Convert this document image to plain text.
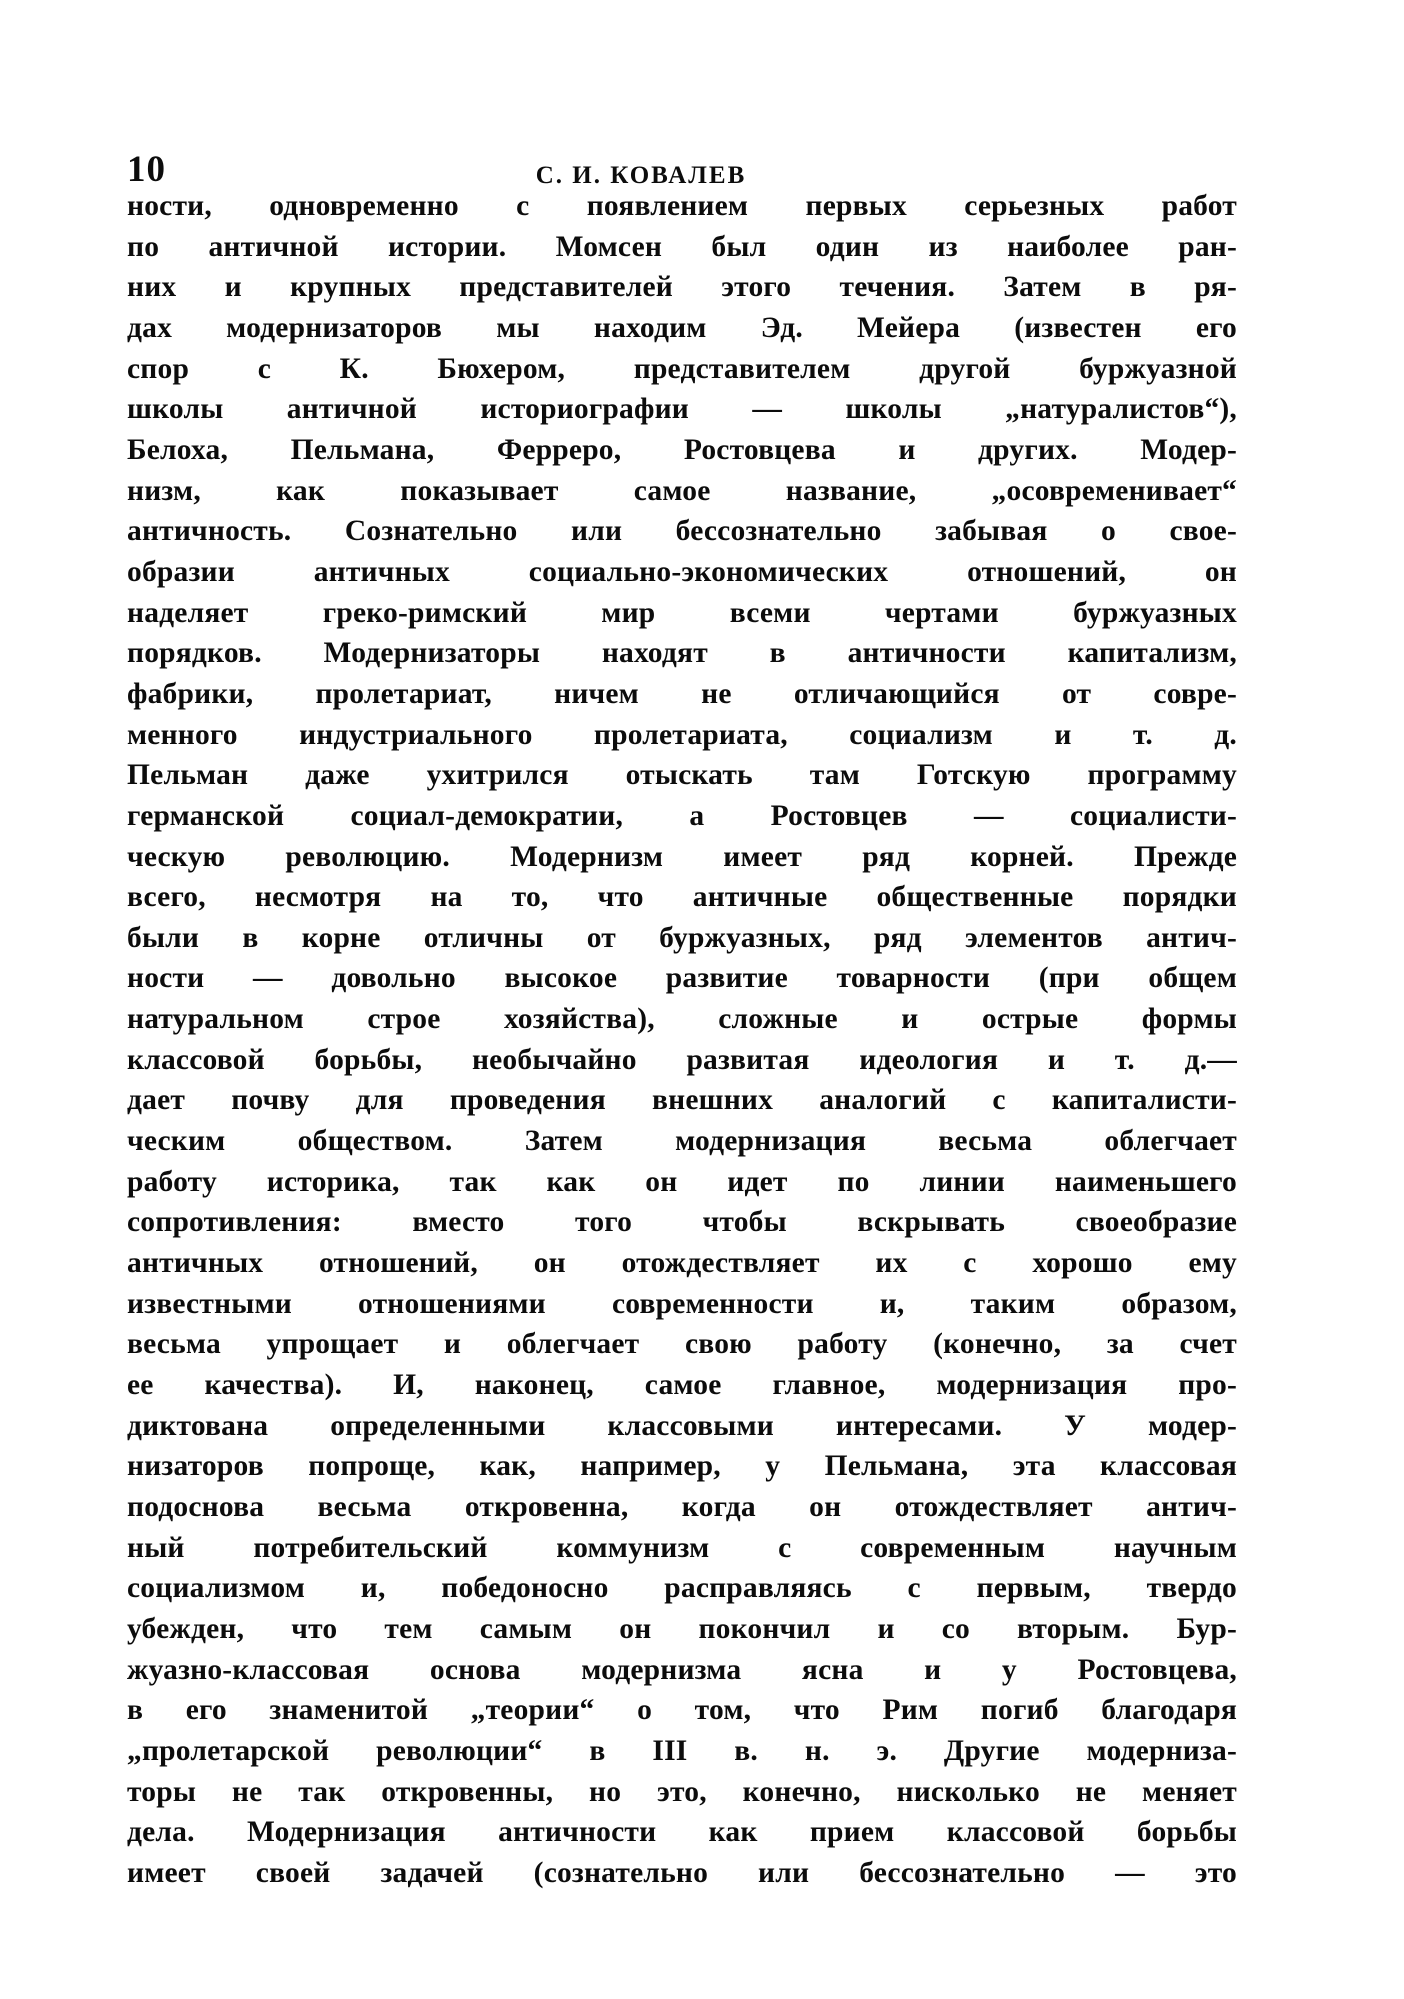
10	С. И. КОВАЛЕВ
ности, одновременно с появлением первых серьезных работ
по античной истории. Момсен был один из наиболее ран-
них и крупных представителей этого течения. Затем в ря-
дах модернизаторов мы находим Эд. Мейера (известен его
спор с К. Бюхером, представителем другой буржуазной
школы античной историографии — школы „натуралистов“),
Белоха, Пельмана, Ферреро, Ростовцева и других. Модер-
низм, как показывает самое название, „осовременивает“
античность. Сознательно или бессознательно забывая о свое-
образии античных социально-экономических отношений, он
наделяет греко-римский мир всеми чертами буржуазных
порядков. Модернизаторы находят в античности капитализм,
фабрики, пролетариат, ничем не отличающийся от совре-
менного индустриального пролетариата, социализм и т. д.
Пельман даже ухитрился отыскать там Готскую программу
германской социал-демократии, а Ростовцев — социалисти-
ческую революцию. Модернизм имеет ряд корней. Прежде
всего, несмотря на то, что античные общественные порядки
были в корне отличны от буржуазных, ряд элементов антич-
ности — довольно высокое развитие товарности (при общем
натуральном строе хозяйства), сложные и острые формы
классовой борьбы, необычайно развитая идеология и т. д.—
дает почву для проведения внешних аналогий с капиталисти-
ческим обществом. Затем модернизация весьма облегчает
работу историка, так как он идет по линии наименьшего
сопротивления: вместо того чтобы вскрывать своеобразие
античных отношений, он отождествляет их с хорошо ему
известными отношениями современности и, таким образом,
весьма упрощает и облегчает свою работу (конечно, за счет
ее качества). И, наконец, самое главное, модернизация про-
диктована определенными классовыми интересами. У модер-
низаторов попроще, как, например, у Пельмана, эта классовая
подоснова весьма откровенна, когда он отождествляет антич-
ный потребительский коммунизм с современным научным
социализмом и, победоносно расправляясь с первым, твердо
убежден, что тем самым он покончил и со вторым. Бур-
жуазно-классовая основа модернизма ясна и у Ростовцева,
в его знаменитой „теории“ о том, что Рим погиб благодаря
„пролетарской революции“ в III в. н. э. Другие модерниза-
торы не так откровенны, но это, конечно, нисколько не меняет
дела. Модернизация античности как прием классовой борьбы
имеет своей задачей (сознательно или бессознательно — это
